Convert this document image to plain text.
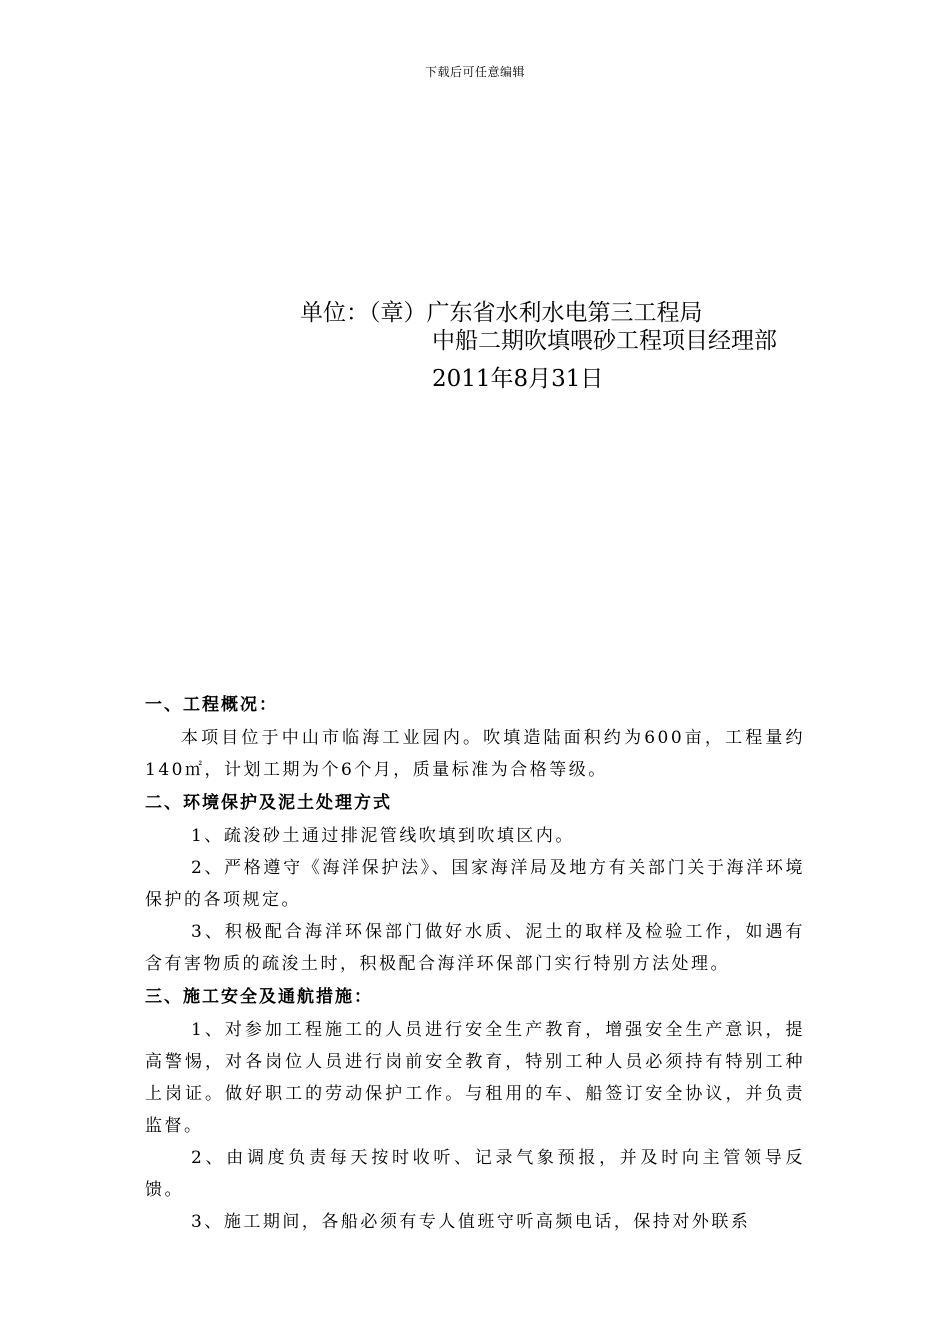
下载后可任意编辑
单位：（章）广东省水利水电第三工程局
中船二期吹填喂砂工程项目经理部
2011年8月31日
一、工程概况：

本项目位于中山市临海工业园内。吹填造陆面积约为600亩，工程量约140㎡，计划工期为个6个月，质量标准为合格等级。

二、环境保护及泥土处理方式

1、疏浚砂土通过排泥管线吹填到吹填区内。

2、严格遵守《海洋保护法》、国家海洋局及地方有关部门关于海洋环境保护的各项规定。

3、积极配合海洋环保部门做好水质、泥土的取样及检验工作，如遇有含有害物质的疏浚土时，积极配合海洋环保部门实行特别方法处理。

三、施工安全及通航措施：

1、对参加工程施工的人员进行安全生产教育，增强安全生产意识，提高警惕，对各岗位人员进行岗前安全教育，特别工种人员必须持有特别工种上岗证。做好职工的劳动保护工作。与租用的车、船签订安全协议，并负责监督。

2、由调度负责每天按时收听、记录气象预报，并及时向主管领导反馈。

3、施工期间，各船必须有专人值班守听高频电话，保持对外联系
